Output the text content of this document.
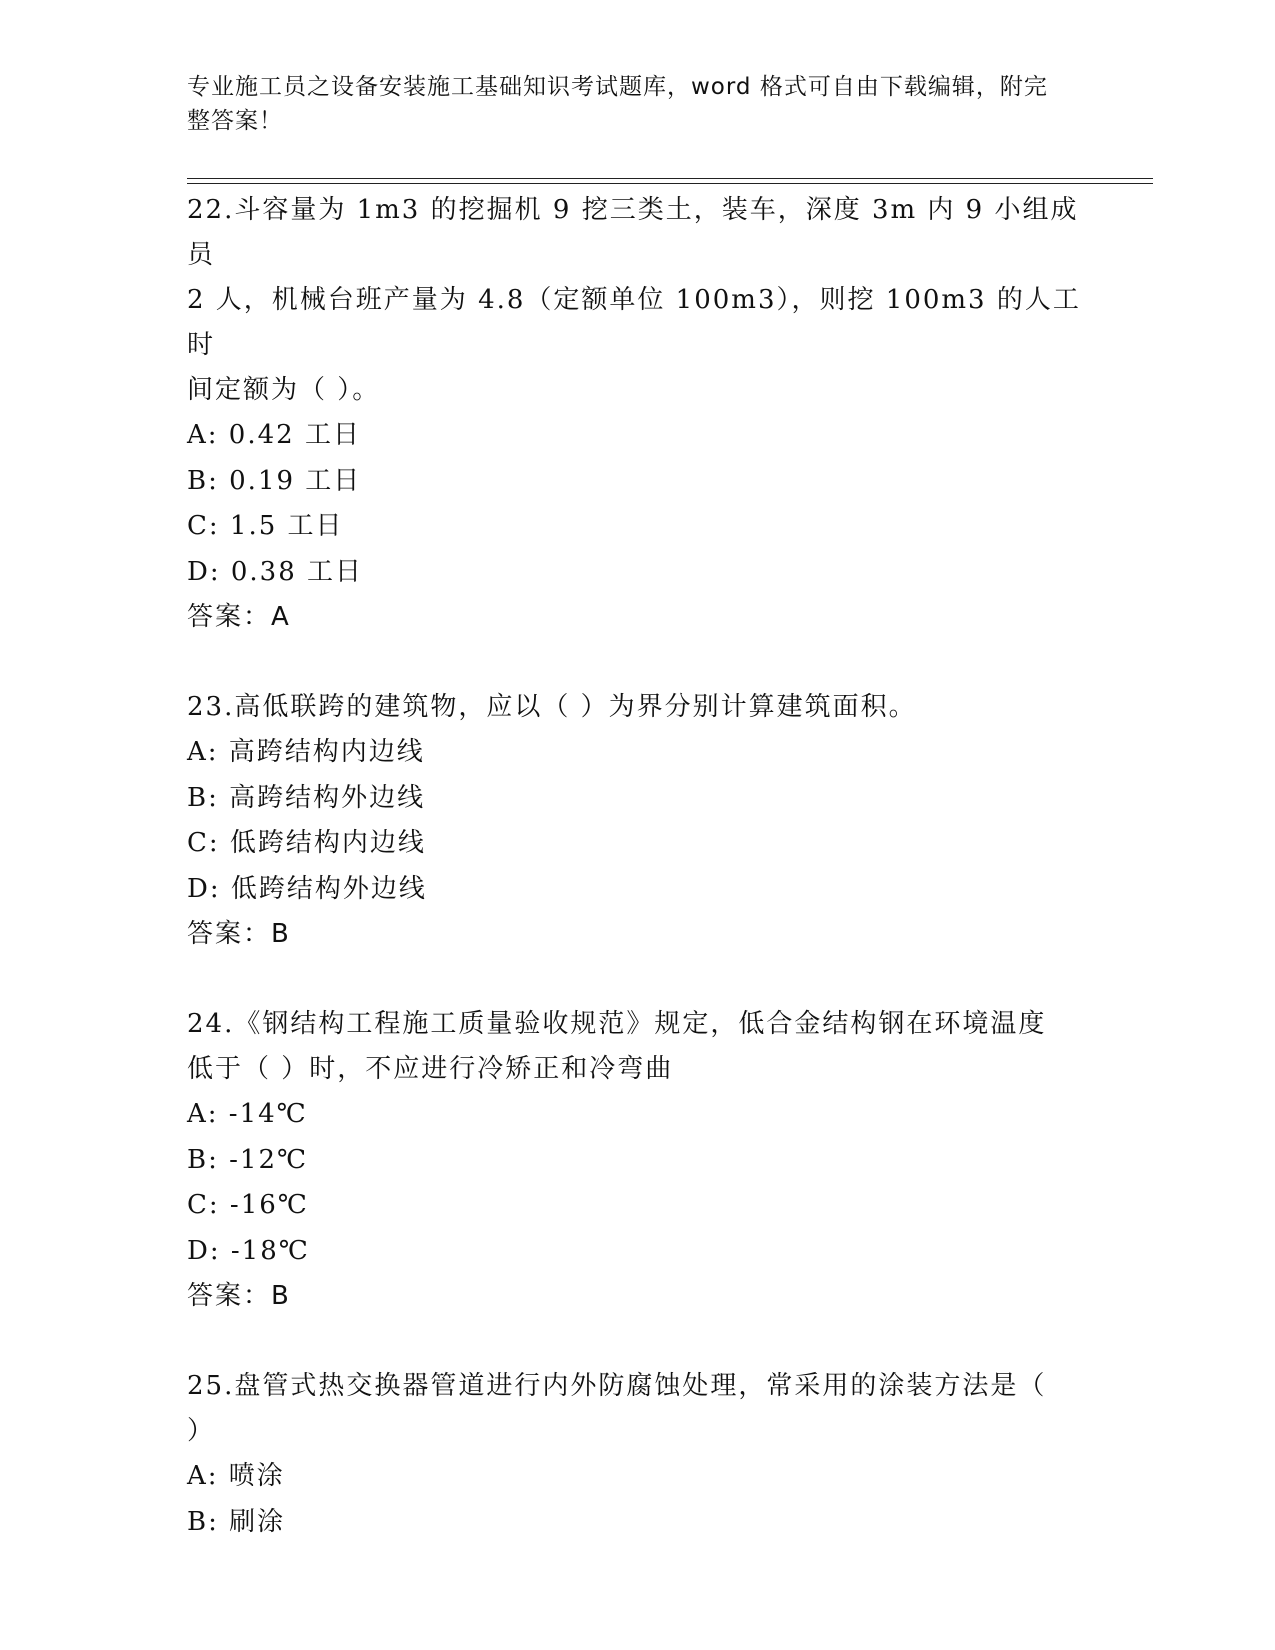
专业施工员之设备安装施工基础知识考试题库，word 格式可自由下载编辑，附完
整答案！
22.斗容量为 1m3 的挖掘机 9 挖三类土，装车，深度 3m 内 9 小组成员
2 人，机械台班产量为 4.8（定额单位 100m3），则挖 100m3 的人工时
间定额为（ ）。
A: 0.42 工日
B: 0.19 工日
C: 1.5 工日
D: 0.38 工日
答案：A
23.高低联跨的建筑物，应以（ ）为界分别计算建筑面积。
A: 高跨结构内边线
B: 高跨结构外边线
C: 低跨结构内边线
D: 低跨结构外边线
答案：B
24.《钢结构工程施工质量验收规范》规定，低合金结构钢在环境温度
低于（ ）时，不应进行冷矫正和冷弯曲
A: -14℃
B: -12℃
C: -16℃
D: -18℃
答案：B
25.盘管式热交换器管道进行内外防腐蚀处理，常采用的涂装方法是（
）
A: 喷涂
B: 刷涂
